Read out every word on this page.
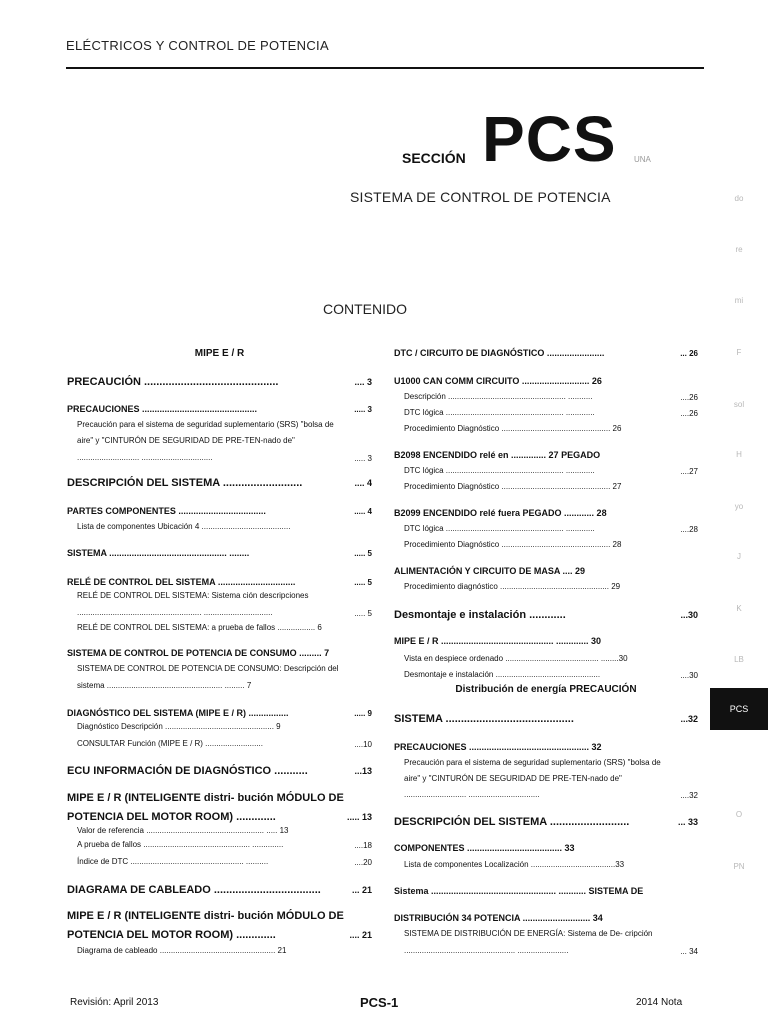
ELÉCTRICOS Y CONTROL DE POTENCIA
SECCIÓN PCS UNA
SISTEMA DE CONTROL DE POTENCIA
CONTENIDO
MIPE E / R
PRECAUCIÓN ............................................	.... 3
PRECAUCIONES ..............................................	..... 3
Precaución para el sistema de seguridad suplementario (SRS) "bolsa de
aire" y "CINTURÓN DE SEGURIDAD DE PRE-TEN-nado de"
............................ ................................	..... 3
DESCRIPCIÓN DEL SISTEMA ..........................	.... 4
PARTES COMPONENTES ...................................	..... 4
Lista de componentes Ubicación 4 ........................................
SISTEMA ............................................... ........	..... 5
RELÉ DE CONTROL DEL SISTEMA ...............................	..... 5
RELÉ DE CONTROL DEL SISTEMA: Sistema ción descripciones
........................................................ ...............................	..... 5
RELÉ DE CONTROL DEL SISTEMA: a prueba de fallos ................. 6
SISTEMA DE CONTROL DE POTENCIA DE CONSUMO ......... 7
SISTEMA DE CONTROL DE POTENCIA DE CONSUMO: Descripción del
sistema .................................................... ......... 7
DIAGNÓSTICO DEL SISTEMA (MIPE E / R) ................	..... 9
Diagnóstico Descripción ................................................. 9
CONSULTAR Función (MIPE E / R) ..........................	....10
ECU INFORMACIÓN DE DIAGNÓSTICO ...........	...13
MIPE E / R (INTELIGENTE distri- bución MÓDULO DE
POTENCIA DEL MOTOR ROOM) .............	..... 13
Valor de referencia ..................................................... ..... 13
A prueba de fallos ................................................ ..............	....18
Índice de DTC ................................................... ..........	....20
DIAGRAMA DE CABLEADO ...................................	... 21
MIPE E / R (INTELIGENTE distri- bución MÓDULO DE
POTENCIA DEL MOTOR ROOM) .............	.... 21
Diagrama de cableado .................................................... 21
DTC / CIRCUITO DE DIAGNÓSTICO .......................	... 26
U1000 CAN COMM CIRCUITO ........................... 26
Descripción ..................................................... ...........	....26
DTC lógica ..................................................... .............	....26
Procedimiento Diagnóstico ................................................. 26
B2098 ENCENDIDO relé en .............. 27 PEGADO
DTC lógica ..................................................... .............	....27
Procedimiento Diagnóstico ................................................. 27
B2099 ENCENDIDO relé fuera PEGADO ............ 28
DTC lógica ..................................................... .............	....28
Procedimiento Diagnóstico ................................................. 28
ALIMENTACIÓN Y CIRCUITO DE MASA .... 29
Procedimiento diagnóstico ................................................. 29
Desmontaje e instalación ............	...30
MIPE E / R ............................................. ............. 30
Vista en despiece ordenado .......................................... ........30
Desmontaje e instalación ...............................................	....30
Distribución de energía PRECAUCIÓN
SISTEMA ..........................................	...32
PRECAUCIONES ................................................ 32
Precaución para el sistema de seguridad suplementario (SRS) "bolsa de
aire" y "CINTURÓN DE SEGURIDAD DE PRE-TEN-nado de"
............................ ................................	....32
DESCRIPCIÓN DEL SISTEMA ..........................	... 33
COMPONENTES ...................................... 33
Lista de componentes Localización ......................................33
Sistema .................................................. ........... SISTEMA DE
DISTRIBUCIÓN 34 POTENCIA ........................... 34
SISTEMA DE DISTRIBUCIÓN DE ENERGÍA: Sistema de De- cripción
.................................................. .......................	... 34
do
re
mi
F
sol
H
yo
J
K
LB
PCS
O
PN
Revisión: April 2013	PCS-1	2014 Nota
